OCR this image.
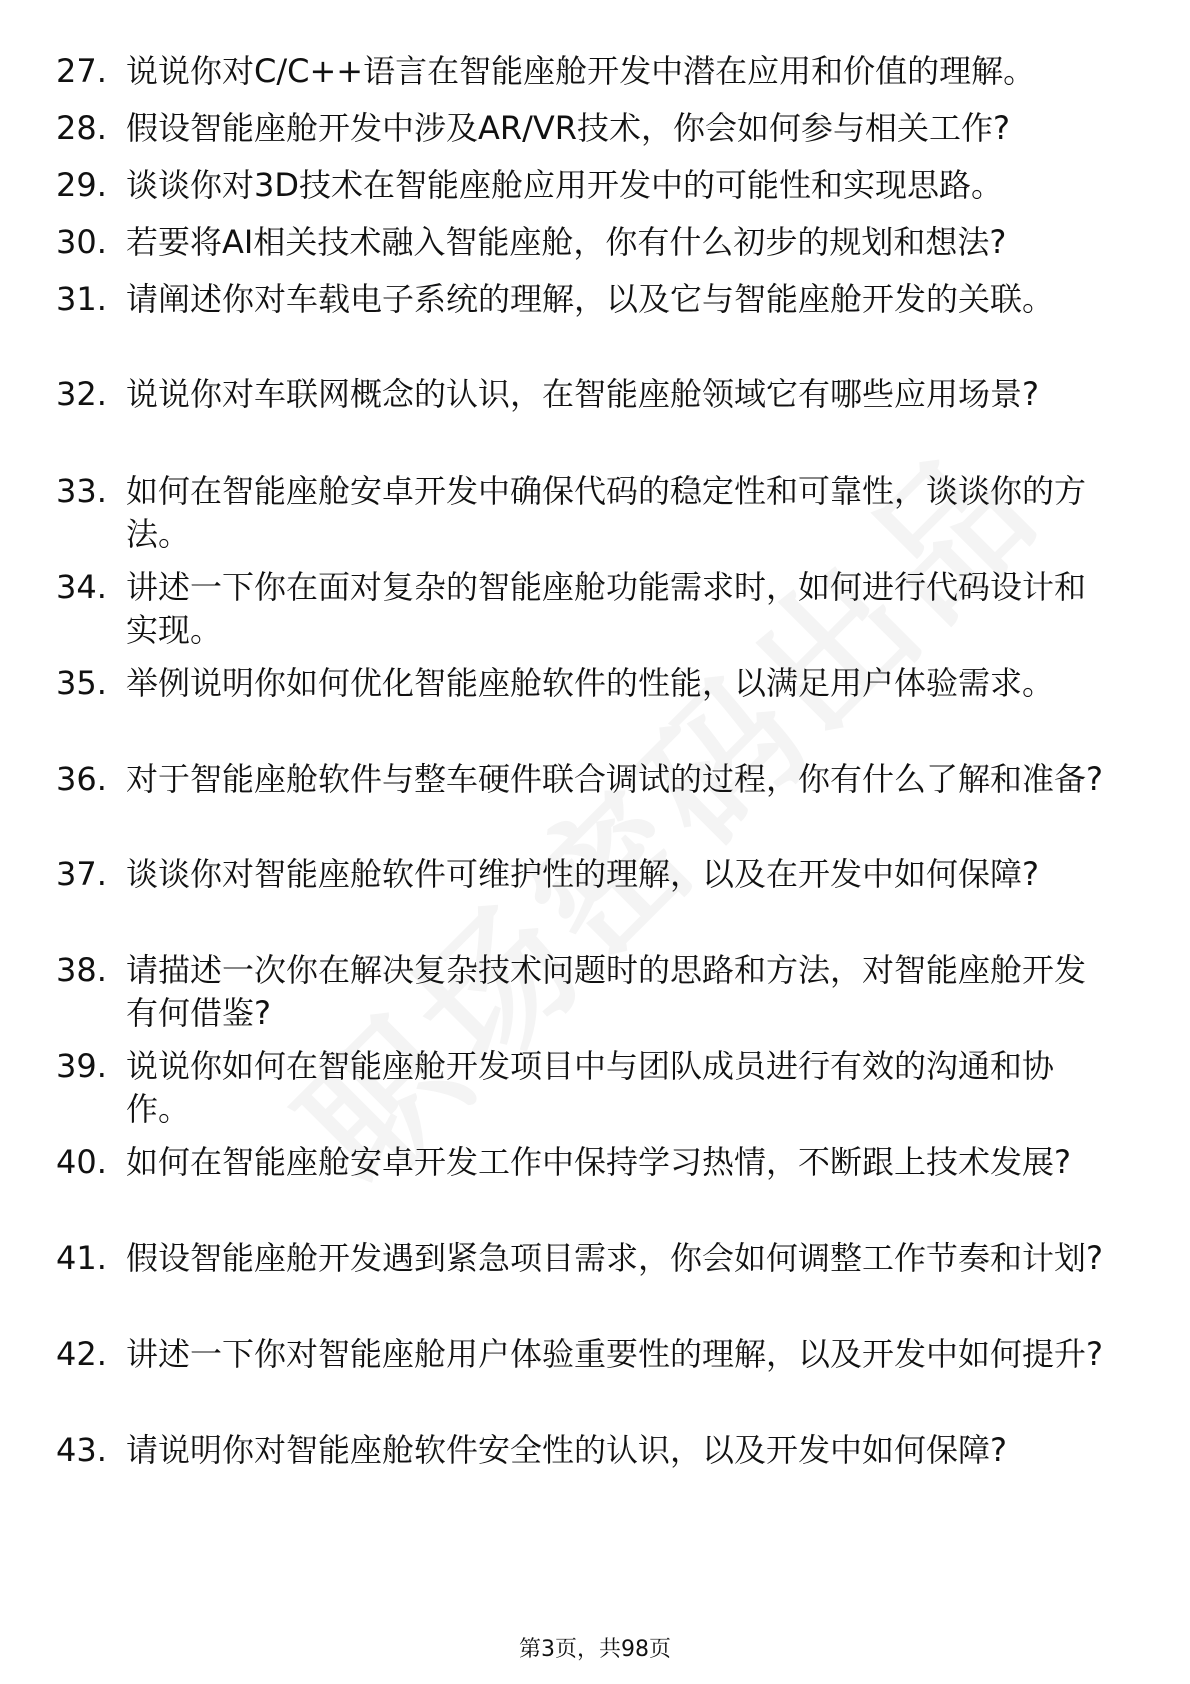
27. 说说你对C/C++语言在智能座舱开发中潜在应用和价值的理解。
28. 假设智能座舱开发中涉及AR/VR技术，你会如何参与相关工作?
29. 谈谈你对3D技术在智能座舱应用开发中的可能性和实现思路。
30. 若要将AI相关技术融入智能座舱，你有什么初步的规划和想法?
31. 请阐述你对车载电子系统的理解，以及它与智能座舱开发的关联。
32. 说说你对车联网概念的认识，在智能座舱领域它有哪些应用场景?
33. 如何在智能座舱安卓开发中确保代码的稳定性和可靠性，谈谈你的方法。
34. 讲述一下你在面对复杂的智能座舱功能需求时，如何进行代码设计和实现。
35. 举例说明你如何优化智能座舱软件的性能，以满足用户体验需求。
36. 对于智能座舱软件与整车硬件联合调试的过程，你有什么了解和准备?
37. 谈谈你对智能座舱软件可维护性的理解，以及在开发中如何保障?
38. 请描述一次你在解决复杂技术问题时的思路和方法，对智能座舱开发有何借鉴?
39. 说说你如何在智能座舱开发项目中与团队成员进行有效的沟通和协作。
40. 如何在智能座舱安卓开发工作中保持学习热情，不断跟上技术发展?
41. 假设智能座舱开发遇到紧急项目需求，你会如何调整工作节奏和计划?
42. 讲述一下你对智能座舱用户体验重要性的理解，以及开发中如何提升?
43. 请说明你对智能座舱软件安全性的认识，以及开发中如何保障?
第3页，共98页
